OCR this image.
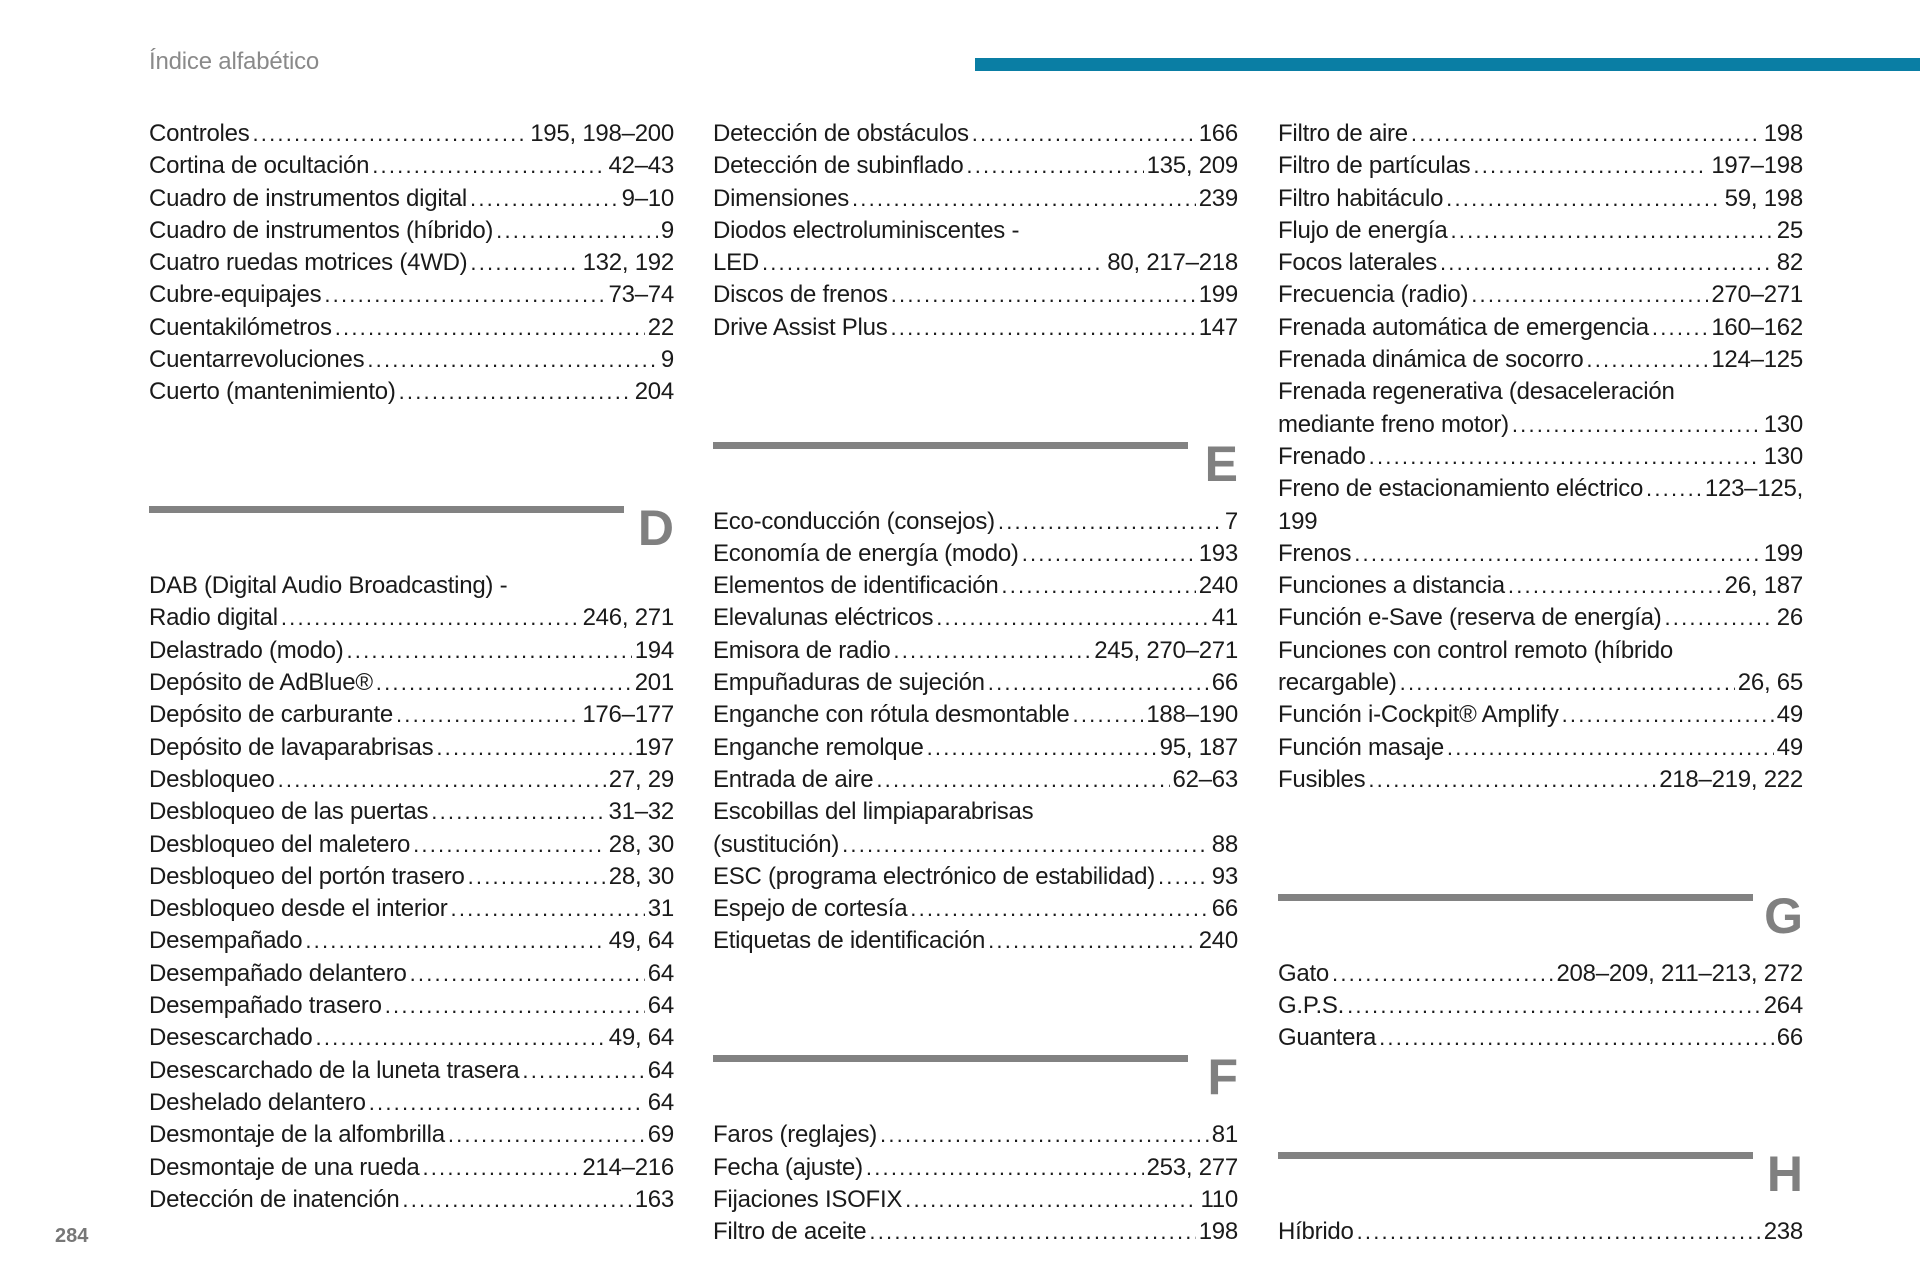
Índice alfabético
Controles .....	195, 198–200
Cortina de ocultación .....	42–43
Cuadro de instrumentos digital .....	9–10
Cuadro de instrumentos (híbrido) .....	9
Cuatro ruedas motrices (4WD) .....	132, 192
Cubre-equipajes .....	73–74
Cuentakilómetros .....	22
Cuentarrevoluciones .....	9
Cuerto (mantenimiento) .....	204
D
DAB (Digital Audio Broadcasting) -
Radio digital .....	246, 271
Delastrado (modo) .....	194
Depósito de AdBlue® .....	201
Depósito de carburante .....	176–177
Depósito de lavaparabrisas .....	197
Desbloqueo .....	27, 29
Desbloqueo de las puertas .....	31–32
Desbloqueo del maletero .....	28, 30
Desbloqueo del portón trasero .....	28, 30
Desbloqueo desde el interior .....	31
Desempañado .....	49, 64
Desempañado delantero .....	64
Desempañado trasero .....	64
Desescarchado .....	49, 64
Desescarchado de la luneta trasera .....	64
Deshelado delantero .....	64
Desmontaje de la alfombrilla .....	69
Desmontaje de una rueda .....	214–216
Detección de inatención .....	163
Detección de obstáculos .....	166
Detección de subinflado .....	135, 209
Dimensiones .....	239
Diodos electroluminiscentes -
LED .....	80, 217–218
Discos de frenos .....	199
Drive Assist Plus .....	147
E
Eco-conducción (consejos) .....	7
Economía de energía (modo) .....	193
Elementos de identificación .....	240
Elevalunas eléctricos .....	41
Emisora de radio .....	245, 270–271
Empuñaduras de sujeción .....	66
Enganche con rótula desmontable .....	188–190
Enganche remolque .....	95, 187
Entrada de aire .....	62–63
Escobillas del limpiaparabrisas
(sustitución) .....	88
ESC (programa electrónico de estabilidad) ..... 93
Espejo de cortesía .....	66
Etiquetas de identificación .....	240
F
Faros (reglajes) .....	81
Fecha (ajuste) .....	253, 277
Fijaciones ISOFIX .....	110
Filtro de aceite .....	198
Filtro de aire .....	198
Filtro de partículas .....	197–198
Filtro habitáculo .....	59, 198
Flujo de energía .....	25
Focos laterales .....	82
Frecuencia (radio) .....	270–271
Frenada automática de emergencia .....	160–162
Frenada dinámica de socorro .....	124–125
Frenada regenerativa (desaceleración
mediante freno motor) .....	130
Frenado .....	130
Freno de estacionamiento eléctrico .....	123–125,
199
Frenos .....	199
Funciones a distancia .....	26, 187
Función e-Save (reserva de energía) .....	26
Funciones con control remoto (híbrido
recargable) .....	26, 65
Función i-Cockpit® Amplify .....	49
Función masaje .....	49
Fusibles .....	218–219, 222
G
Gato .....	208–209, 211–213, 272
G.P.S. .....	264
Guantera .....	66
H
Híbrido .....	238
284
